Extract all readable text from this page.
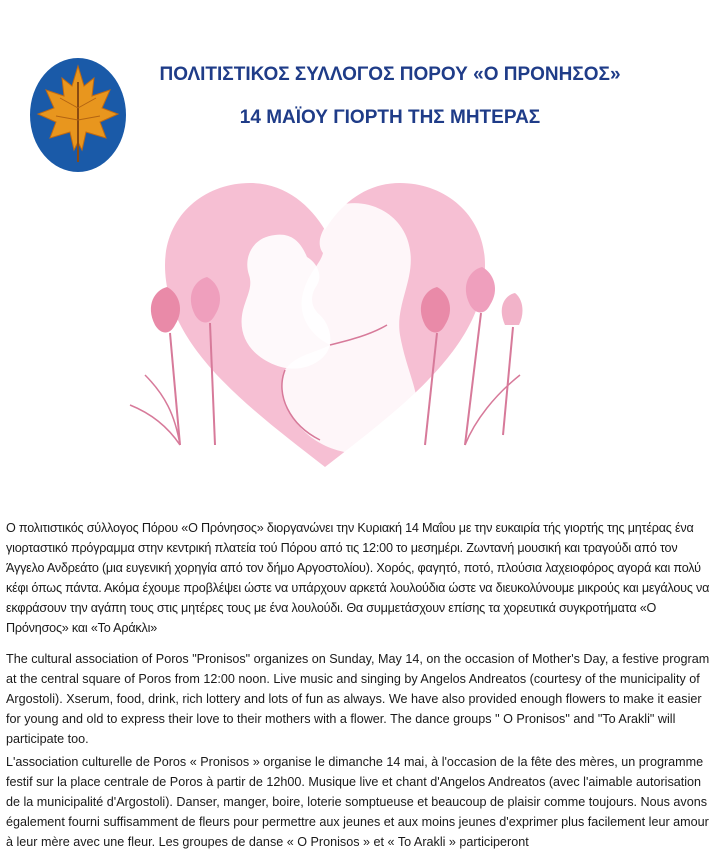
ΠΟΛΙΤΙΣΤΙΚΟΣ ΣΥΛΛΟΓΟΣ ΠΟΡΟΥ «Ο ΠΡΟΝΗΣΟΣ»
14 ΜΑΪΟΥ ΓΙΟΡΤΗ ΤΗΣ ΜΗΤΕΡΑΣ

Ο πολιτιστικός σύλλογος Πόρου «Ο Πρόνησος» διοργανώνει την Κυριακή 14 Μαΐου με την ευκαιρία τής γιορτής της μητέρας ένα γιορταστικό πρόγραμμα στην κεντρική πλατεία τού Πόρου από τις 12:00 το μεσημέρι. Ζωντανή μουσική και τραγούδι από τον Άγγελο Ανδρεάτο (μια ευγενική χορηγία από τον δήμο Αργοστολίου). Χορός, φαγητό, ποτό, πλούσια λαχειοφόρος αγορά και πολύ κέφι όπως πάντα. Ακόμα έχουμε προβλέψει ώστε να υπάρχουν αρκετά λουλούδια ώστε να διευκολύνουμε μικρούς και μεγάλους να εκφράσουν την αγάπη τους στις μητέρες τους με ένα λουλούδι. Θα συμμετάσχουν επίσης τα χορευτικά συγκροτήματα «Ο Πρόνησος» και «Το Αράκλι»

The cultural association of Poros "Pronisos" organizes on Sunday, May 14, on the occasion of Mother's Day, a festive program at the central square of Poros from 12:00 noon. Live music and singing by Angelos Andreatos (courtesy of the municipality of Argostoli). Xserum, food, drink, rich lottery and lots of fun as always. We have also provided enough flowers to make it easier for young and old to express their love to their mothers with a flower. The dance groups " O Pronisos" and "To Arakli" will participate too.

L'association culturelle de Poros « Pronisos » organise le dimanche 14 mai, à l'occasion de la fête des mères, un programme festif sur la place centrale de Poros à partir de 12h00. Musique live et chant d'Angelos Andreatos (avec l'aimable autorisation de la municipalité d'Argostoli). Danser, manger, boire, loterie somptueuse et beaucoup de plaisir comme toujours. Nous avons également fourni suffisamment de fleurs pour permettre aux jeunes et aux moins jeunes d'exprimer plus facilement leur amour à leur mère avec une fleur. Les groupes de danse « O Pronisos » et « To Arakli » participeront
